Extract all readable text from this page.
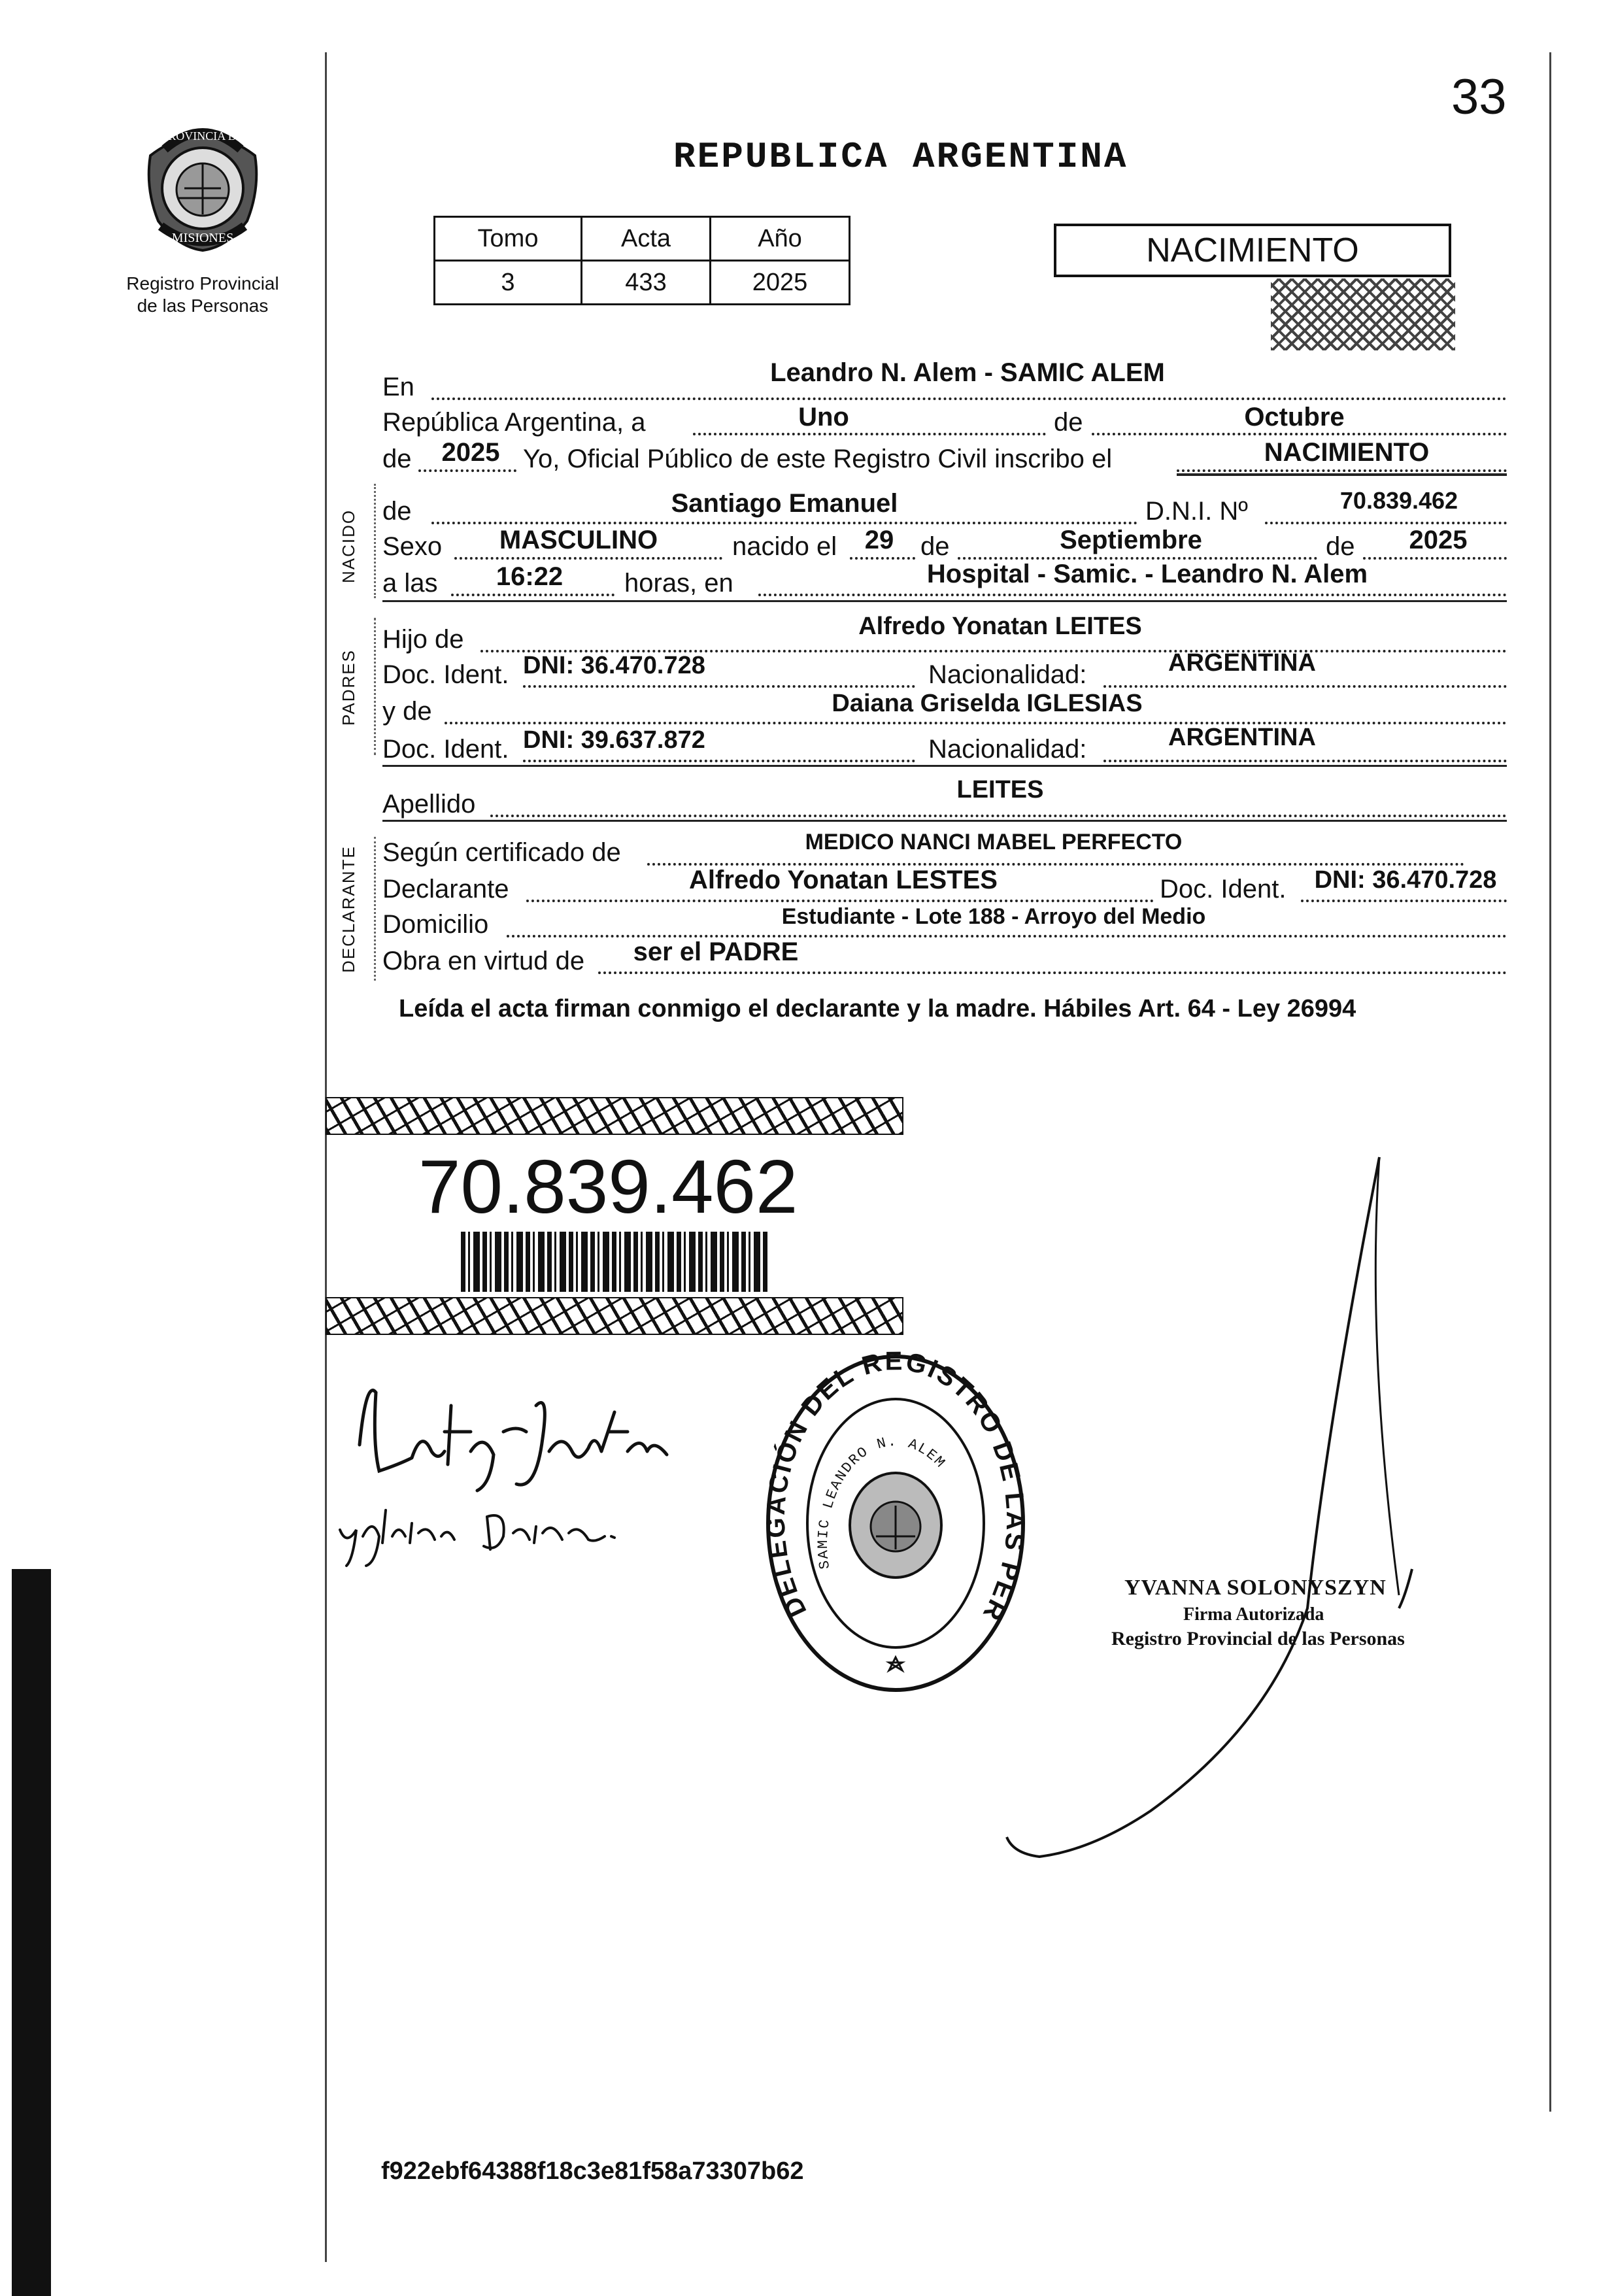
33
PROVINCIA DE
MISIONES
Registro Provincial
de las Personas
REPUBLICA ARGENTINA
Tomo	Acta	Año
3	433	2025
NACIMIENTO
En	Leandro N. Alem - SAMIC ALEM
República Argentina, a	Uno	de	Octubre
de	2025 Yo, Oficial Público de este Registro Civil inscribo el	NACIMIENTO
NACIDO de	Santiago Emanuel	D.N.I. Nº	70.839.462
Sexo	MASCULINO	nacido el	29	de	Septiembre	de	2025
a las	16:22	horas, en	Hospital - Samic. - Leandro N. Alem
PADRES
Hijo de	Alfredo Yonatan LEITES
Doc. Ident. DNI: 36.470.728	Nacionalidad:	ARGENTINA
y de	Daiana Griselda IGLESIAS
Doc. Ident. DNI: 39.637.872	Nacionalidad:	ARGENTINA
Apellido	LEITES
DECLARANTE Según certificado de	MEDICO NANCI MABEL PERFECTO
Declarante	Alfredo Yonatan LESTES	Doc. Ident.	DNI: 36.470.728
Domicilio	Estudiante - Lote 188 - Arroyo del Medio
Obra en virtud de	ser el PADRE
Leída el acta firman conmigo el declarante y la madre. Hábiles Art. 64 - Ley 26994
70.839.462
DELEGACIÓN DEL REGISTRO DE LAS PER
SAMIC LEANDRO N. ALEM
YVANNA SOLONYSZYN
Firma Autorizada
Registro Provincial de las Personas
f922ebf64388f18c3e81f58a73307b62
